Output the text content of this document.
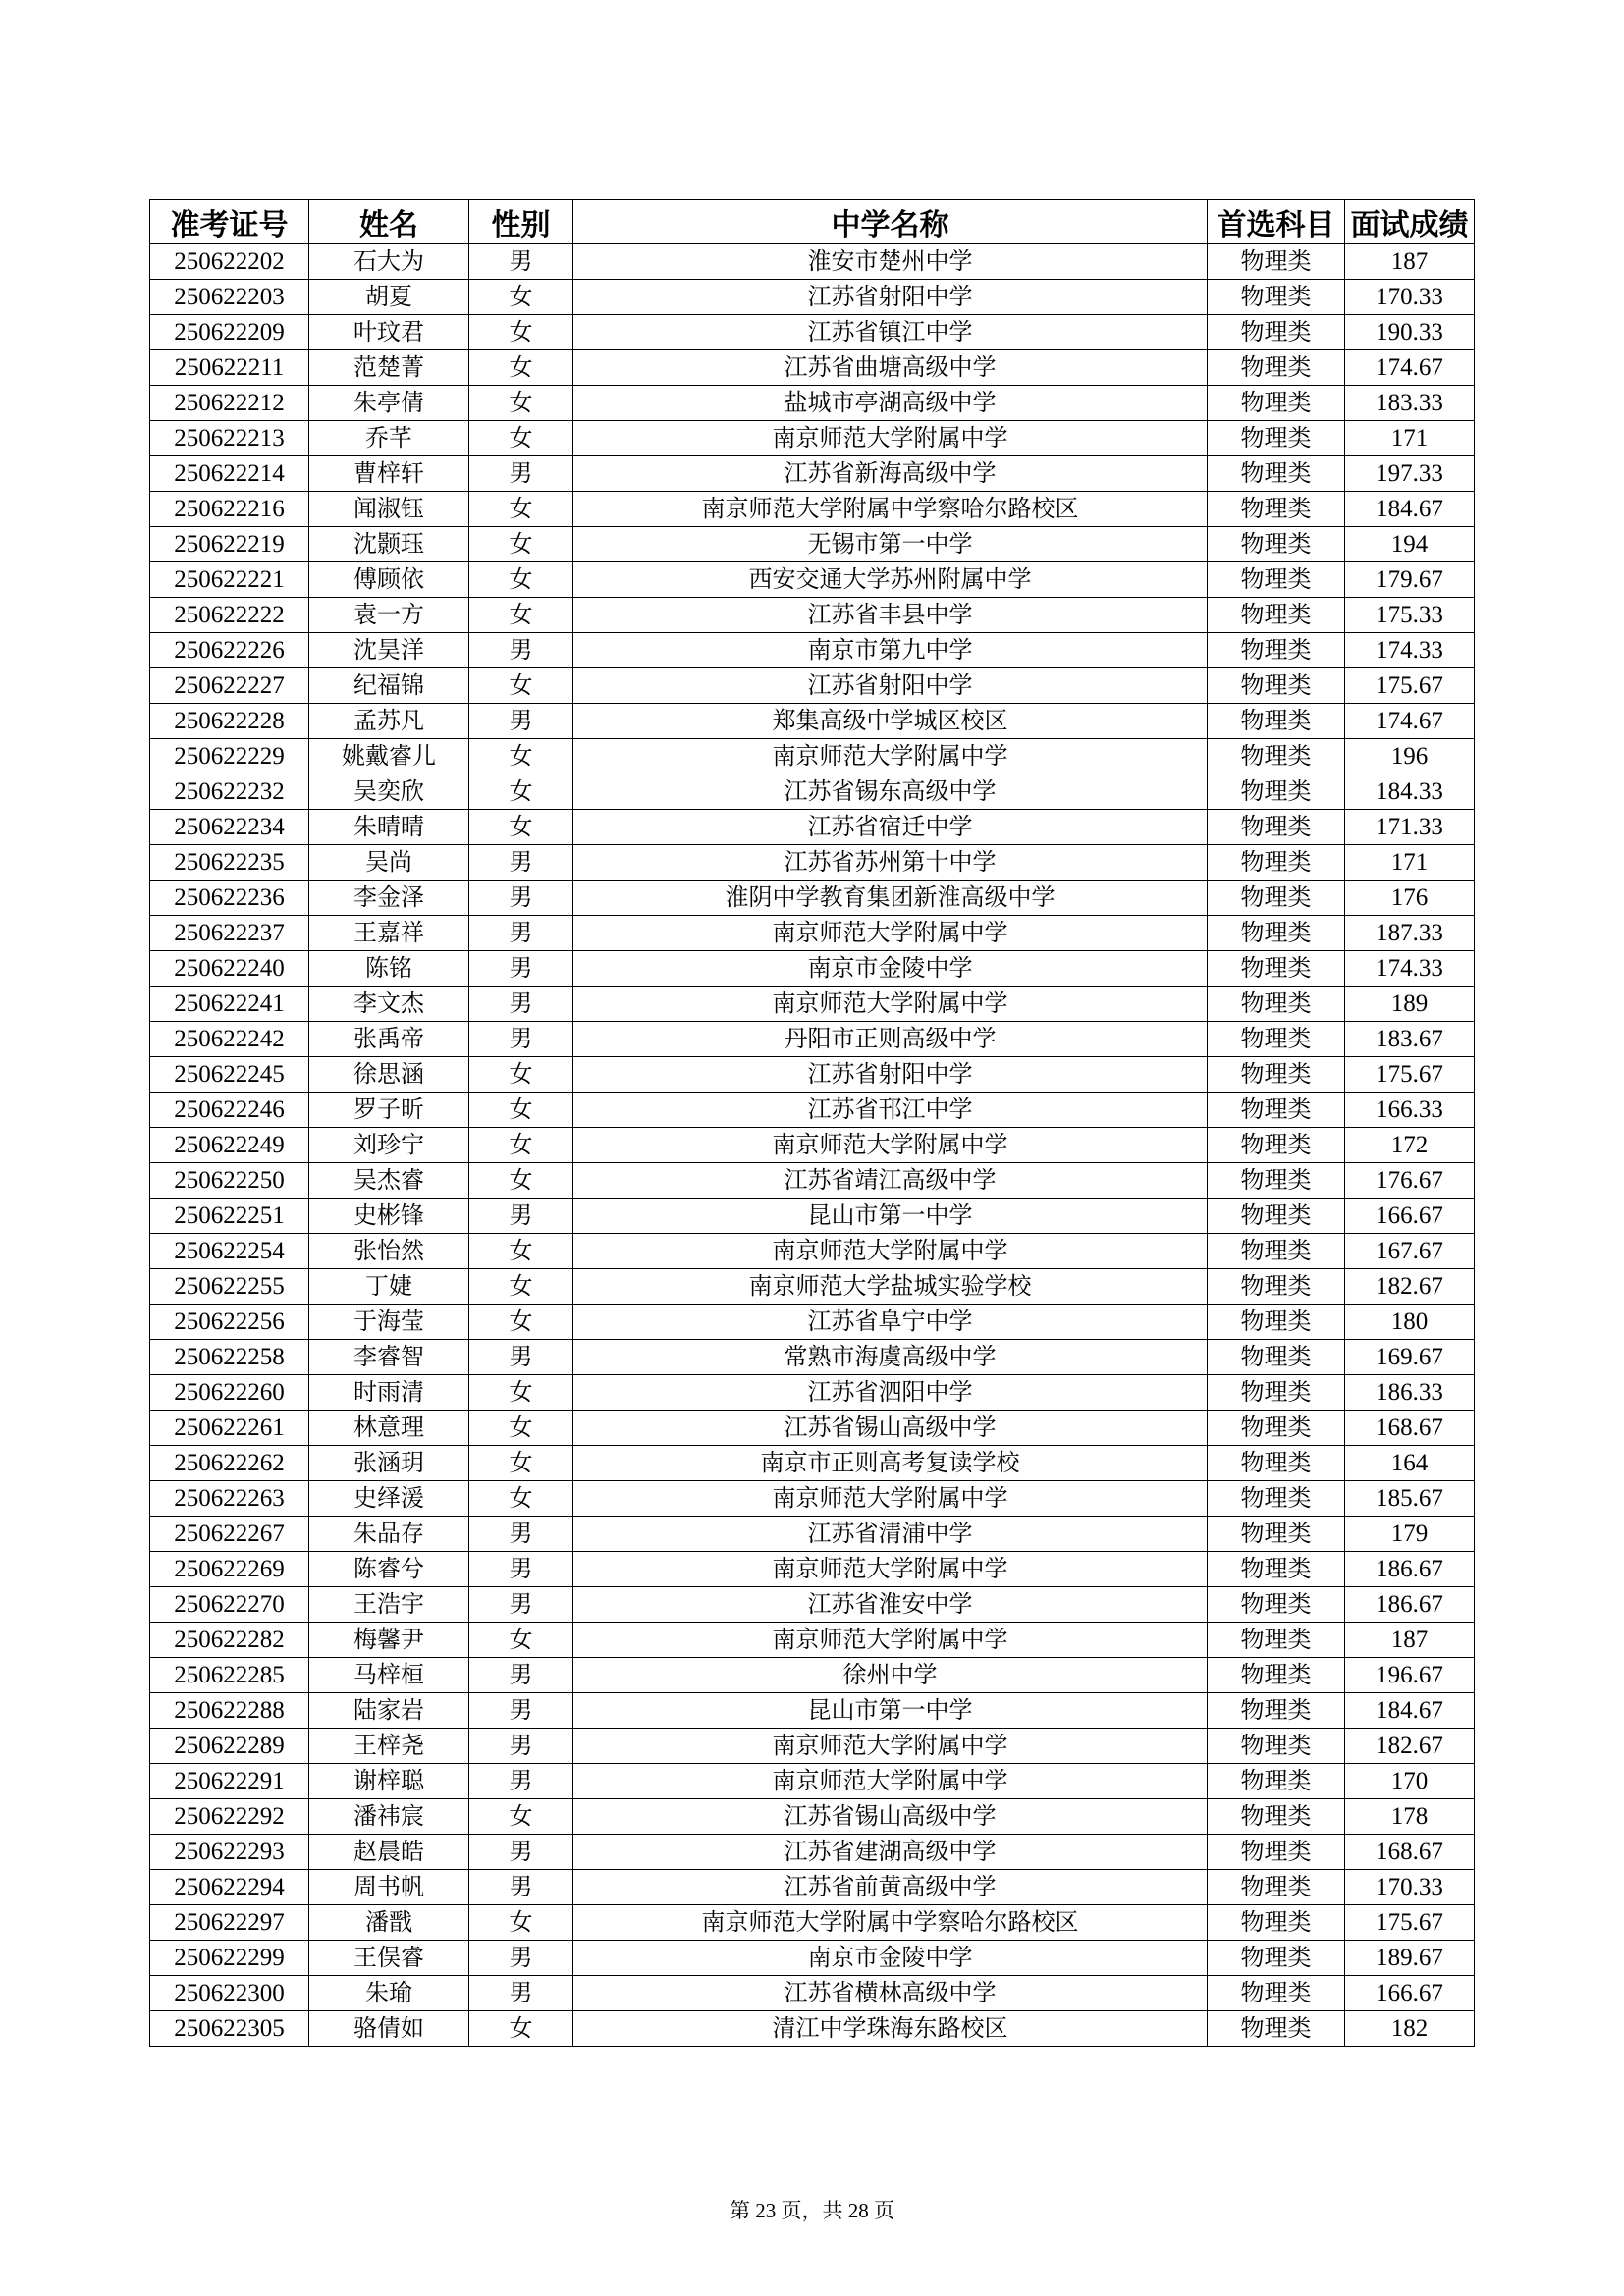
准考证号	姓名	性别	中学名称	首选科目	面试成绩
250622202	石大为	男	淮安市楚州中学	物理类	187
250622203	胡夏	女	江苏省射阳中学	物理类	170.33
250622209	叶玟君	女	江苏省镇江中学	物理类	190.33
250622211	范楚菁	女	江苏省曲塘高级中学	物理类	174.67
250622212	朱亭倩	女	盐城市亭湖高级中学	物理类	183.33
250622213	乔芊	女	南京师范大学附属中学	物理类	171
250622214	曹梓轩	男	江苏省新海高级中学	物理类	197.33
250622216	闻淑钰	女	南京师范大学附属中学察哈尔路校区	物理类	184.67
250622219	沈颢珏	女	无锡市第一中学	物理类	194
250622221	傅顾依	女	西安交通大学苏州附属中学	物理类	179.67
250622222	袁一方	女	江苏省丰县中学	物理类	175.33
250622226	沈昊洋	男	南京市第九中学	物理类	174.33
250622227	纪福锦	女	江苏省射阳中学	物理类	175.67
250622228	孟苏凡	男	郑集高级中学城区校区	物理类	174.67
250622229	姚戴睿儿	女	南京师范大学附属中学	物理类	196
250622232	吴奕欣	女	江苏省锡东高级中学	物理类	184.33
250622234	朱晴晴	女	江苏省宿迁中学	物理类	171.33
250622235	吴尚	男	江苏省苏州第十中学	物理类	171
250622236	李金泽	男	淮阴中学教育集团新淮高级中学	物理类	176
250622237	王嘉祥	男	南京师范大学附属中学	物理类	187.33
250622240	陈铭	男	南京市金陵中学	物理类	174.33
250622241	李文杰	男	南京师范大学附属中学	物理类	189
250622242	张禹帝	男	丹阳市正则高级中学	物理类	183.67
250622245	徐思涵	女	江苏省射阳中学	物理类	175.67
250622246	罗子昕	女	江苏省邗江中学	物理类	166.33
250622249	刘珍宁	女	南京师范大学附属中学	物理类	172
250622250	吴杰睿	女	江苏省靖江高级中学	物理类	176.67
250622251	史彬锋	男	昆山市第一中学	物理类	166.67
250622254	张怡然	女	南京师范大学附属中学	物理类	167.67
250622255	丁婕	女	南京师范大学盐城实验学校	物理类	182.67
250622256	于海莹	女	江苏省阜宁中学	物理类	180
250622258	李睿智	男	常熟市海虞高级中学	物理类	169.67
250622260	时雨清	女	江苏省泗阳中学	物理类	186.33
250622261	林意理	女	江苏省锡山高级中学	物理类	168.67
250622262	张涵玥	女	南京市正则高考复读学校	物理类	164
250622263	史绎湲	女	南京师范大学附属中学	物理类	185.67
250622267	朱品存	男	江苏省清浦中学	物理类	179
250622269	陈睿兮	男	南京师范大学附属中学	物理类	186.67
250622270	王浩宇	男	江苏省淮安中学	物理类	186.67
250622282	梅馨尹	女	南京师范大学附属中学	物理类	187
250622285	马梓桓	男	徐州中学	物理类	196.67
250622288	陆家岩	男	昆山市第一中学	物理类	184.67
250622289	王梓尧	男	南京师范大学附属中学	物理类	182.67
250622291	谢梓聪	男	南京师范大学附属中学	物理类	170
250622292	潘祎宸	女	江苏省锡山高级中学	物理类	178
250622293	赵晨皓	男	江苏省建湖高级中学	物理类	168.67
250622294	周书帆	男	江苏省前黄高级中学	物理类	170.33
250622297	潘戬	女	南京师范大学附属中学察哈尔路校区	物理类	175.67
250622299	王俣睿	男	南京市金陵中学	物理类	189.67
250622300	朱瑜	男	江苏省横林高级中学	物理类	166.67
250622305	骆倩如	女	清江中学珠海东路校区	物理类	182
第 23 页，共 28 页
